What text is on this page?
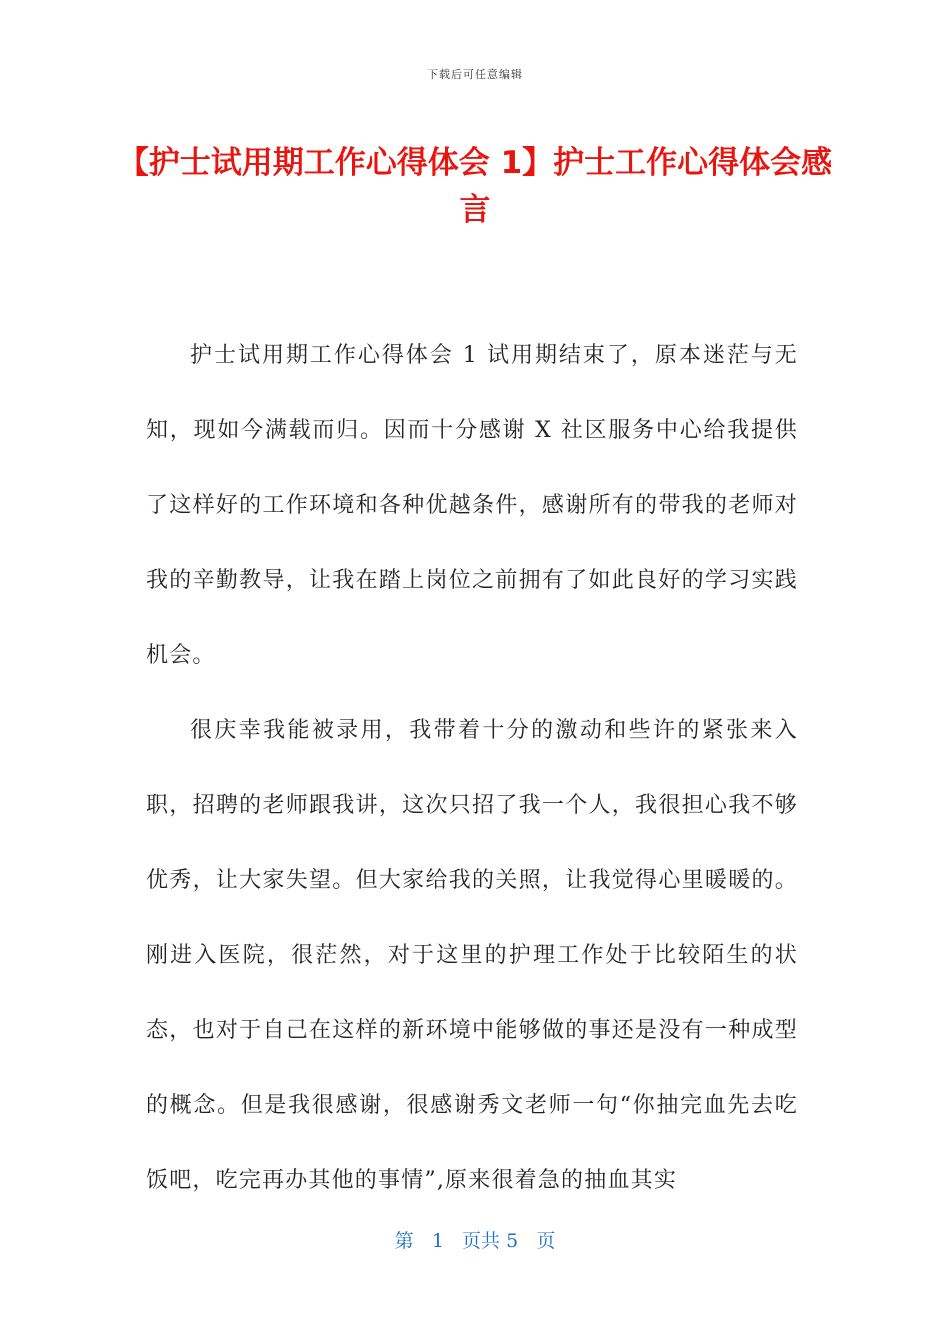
下载后可任意编辑
【护士试用期工作心得体会 1】护士工作心得体会感言

护士试用期工作心得体会 1 试用期结束了，原本迷茫与无知，现如今满载而归。因而十分感谢 X 社区服务中心给我提供了这样好的工作环境和各种优越条件，感谢所有的带我的老师对我的辛勤教导，让我在踏上岗位之前拥有了如此良好的学习实践机会。

很庆幸我能被录用，我带着十分的激动和些许的紧张来入职，招聘的老师跟我讲，这次只招了我一个人，我很担心我不够优秀，让大家失望。但大家给我的关照，让我觉得心里暖暖的。刚进入医院，很茫然，对于这里的护理工作处于比较陌生的状态，也对于自己在这样的新环境中能够做的事还是没有一种成型的概念。但是我很感谢，很感谢秀文老师一句“你抽完血先去吃饭吧，吃完再办其他的事情”,原来很着急的抽血其实

第 1 页共 5 页
